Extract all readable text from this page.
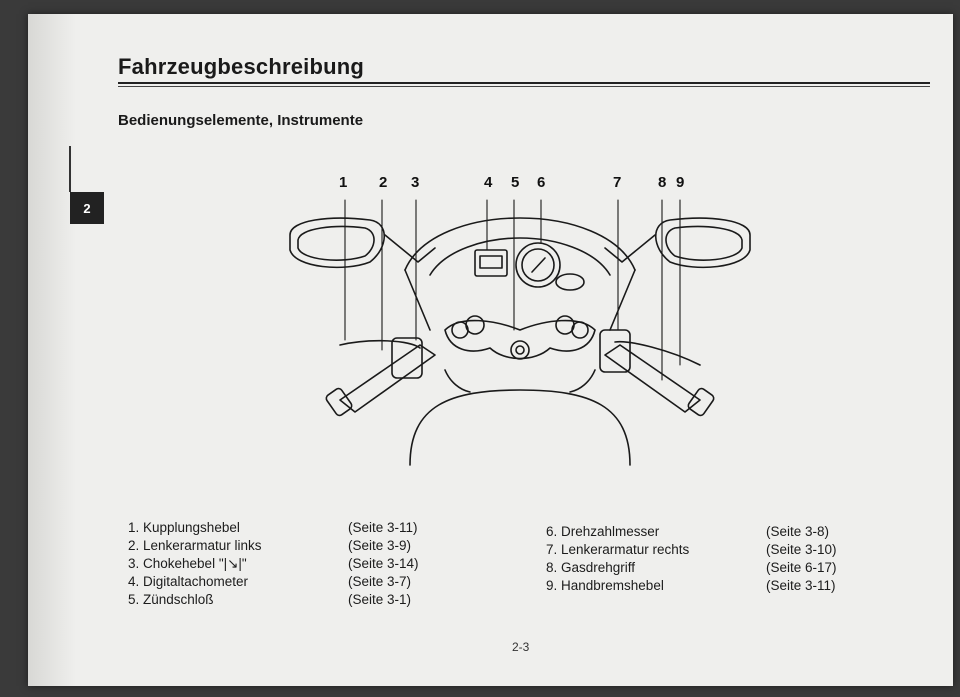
Fahrzeugbeschreibung
Bedienungselemente, Instrumente
2
1 2 3	4 5 6	7 8 9
1. Kupplungshebel	(Seite 3-11)
2. Lenkerarmatur links	(Seite 3-9)
3. Chokehebel "|↘|"	(Seite 3-14)
4. Digitaltachometer	(Seite 3-7)
5. Zündschloß	(Seite 3-1)
6. Drehzahlmesser	(Seite 3-8)
7. Lenkerarmatur rechts	(Seite 3-10)
8. Gasdrehgriff	(Seite 6-17)
9. Handbremshebel	(Seite 3-11)
2-3
